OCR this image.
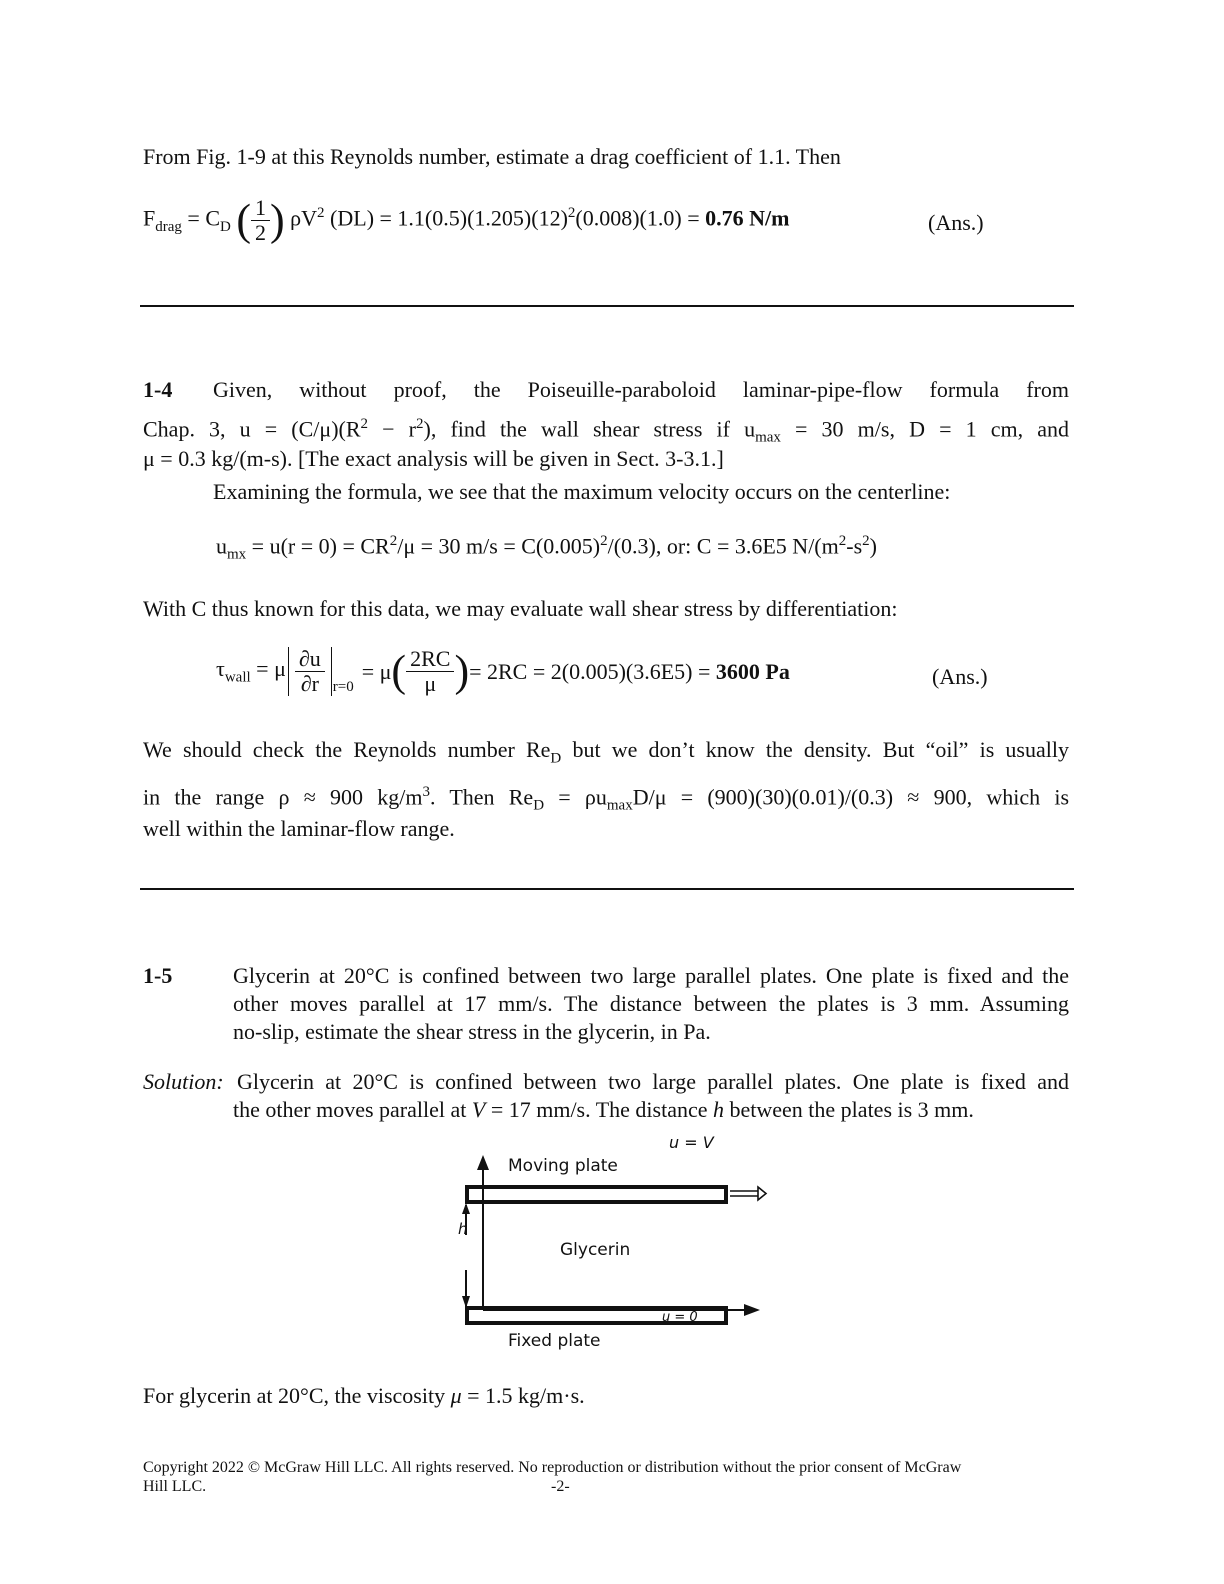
From Fig. 1-9 at this Reynolds number, estimate a drag coefficient of 1.1. Then
$F_{drag} = C_D$ ( $\frac{1}{2}$ ) $\rho V^2$ $(DL) = 1.1(0.5)(1.205)(12)^2(0.008)(1.0) = 0.76$ N/m	(Ans.)
1-4 Given, without proof, the Poiseuille-paraboloid laminar-pipe-flow formula from
Chap. 3, $u = (C/\mu)(R^2 - r^2)$, find the wall shear stress if $u_{max} = 30$ m/s, D = 1 cm, and
μ = 0.3 kg/(m-s). [The exact analysis will be given in Sect. 3-3.1.]
Examining the formula, we see that the maximum velocity occurs on the centerline:
$u_{mx} = u(r = 0) = CR^2/\mu = 30$ $m/s = C(0.005)^2/(0.3)$, or: C = 3.6E5 $N/(m^2-s^2)$
With C thus known for this data, we may evaluate wall shear stress by differentiation:
$\tau_{wall} = \mu \frac{\partial u}{\partial r} r=0= \mu( \frac{2RC}{\mu}$ )= 2RC = 2(0.005)(3.6E5) = 3600 Pa	(Ans.)
We should check the Reynolds number $Re_D$ but we don’t know the density. But “oil” is usually
in the range ρ ≈ 900 $kg/m^3$. Then $Re_D = \rho u_{max}D/\mu = (900)(30)(0.01)/(0.3) \approx 900$, which is
well within the laminar-flow range.
1-5	Glycerin at 20°C is confined between two large parallel plates. One plate is fixed and the
other moves parallel at 17 mm/s. The distance between the plates is 3 mm. Assuming
no-slip, estimate the shear stress in the glycerin, in Pa.
Solution: Glycerin at 20°C is confined between two large parallel plates. One plate is fixed and
the other moves parallel at V = 17 mm/s. The distance h between the plates is 3 mm.
u = V
Moving plate
Glycerin
h
u = 0
Fixed plate
For glycerin at 20°C, the viscosity μ = 1.5 kg/m·s.
Copyright 2022 © McGraw Hill LLC. All rights reserved. No reproduction or distribution without the prior consent of McGraw
Hill LLC.	-2-
